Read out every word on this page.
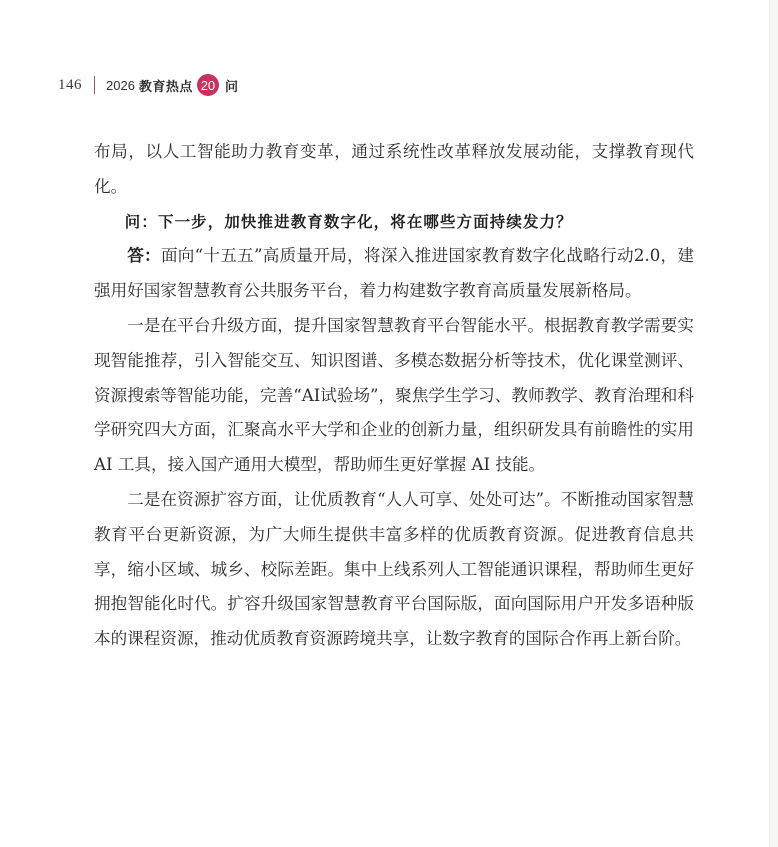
146 2026 教育热点 20 问

布局，以人工智能助力教育变革，通过系统性改革释放发展动能，支撑教育现代化。

问：下一步，加快推进教育数字化，将在哪些方面持续发力？

答：面向“十五五”高质量开局，将深入推进国家教育数字化战略行动2.0，建强用好国家智慧教育公共服务平台，着力构建数字教育高质量发展新格局。

一是在平台升级方面，提升国家智慧教育平台智能水平。根据教育教学需要实现智能推荐，引入智能交互、知识图谱、多模态数据分析等技术，优化课堂测评、资源搜索等智能功能，完善“AI试验场”，聚焦学生学习、教师教学、教育治理和科学研究四大方面，汇聚高水平大学和企业的创新力量，组织研发具有前瞻性的实用 AI 工具，接入国产通用大模型，帮助师生更好掌握 AI 技能。

二是在资源扩容方面，让优质教育“人人可享、处处可达”。不断推动国家智慧教育平台更新资源，为广大师生提供丰富多样的优质教育资源。促进教育信息共享，缩小区域、城乡、校际差距。集中上线系列人工智能通识课程，帮助师生更好拥抱智能化时代。扩容升级国家智慧教育平台国际版，面向国际用户开发多语种版本的课程资源，推动优质教育资源跨境共享，让数字教育的国际合作再上新台阶。
